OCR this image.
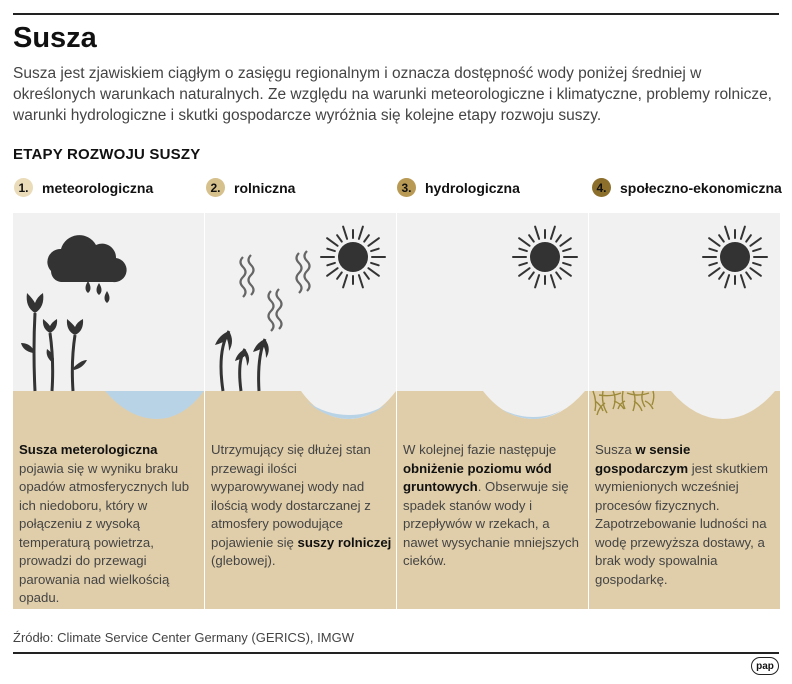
Susza
Susza jest zjawiskiem ciągłym o zasięgu regionalnym i oznacza dostępność wody poniżej średniej w określonych warunkach naturalnych. Ze względu na warunki meteorologiczne i klimatyczne, problemy rolnicze, warunki hydrologiczne i skutki gospodarcze wyróżnia się kolejne etapy rozwoju suszy.
ETAPY ROZWOJU SUSZY
1. meteorologiczna	2. rolniczna	3. hydrologiczna	4. społeczno-ekonomiczna
Susza meterologiczna pojawia się w wyniku braku opadów atmosferycznych lub ich niedoboru, który w połączeniu z wysoką temperaturą powietrza, prowadzi do przewagi parowania nad wielkością opadu.
Utrzymujący się dłużej stan przewagi ilości wyparowywanej wody nad ilością wody dostarczanej z atmosfery powodujące pojawienie się suszy rolniczej (glebowej).
W kolejnej fazie następuje obniżenie poziomu wód gruntowych. Obserwuje się spadek stanów wody i przepływów w rzekach, a nawet wysychanie mniejszych cieków.
Susza w sensie gospodarczym jest skutkiem wymienionych wcześniej procesów fizycznych. Zapotrzebowanie ludności na wodę przewyższa dostawy, a brak wody spowalnia gospodarkę.
Źródło: Climate Service Center Germany (GERICS), IMGW
pap
